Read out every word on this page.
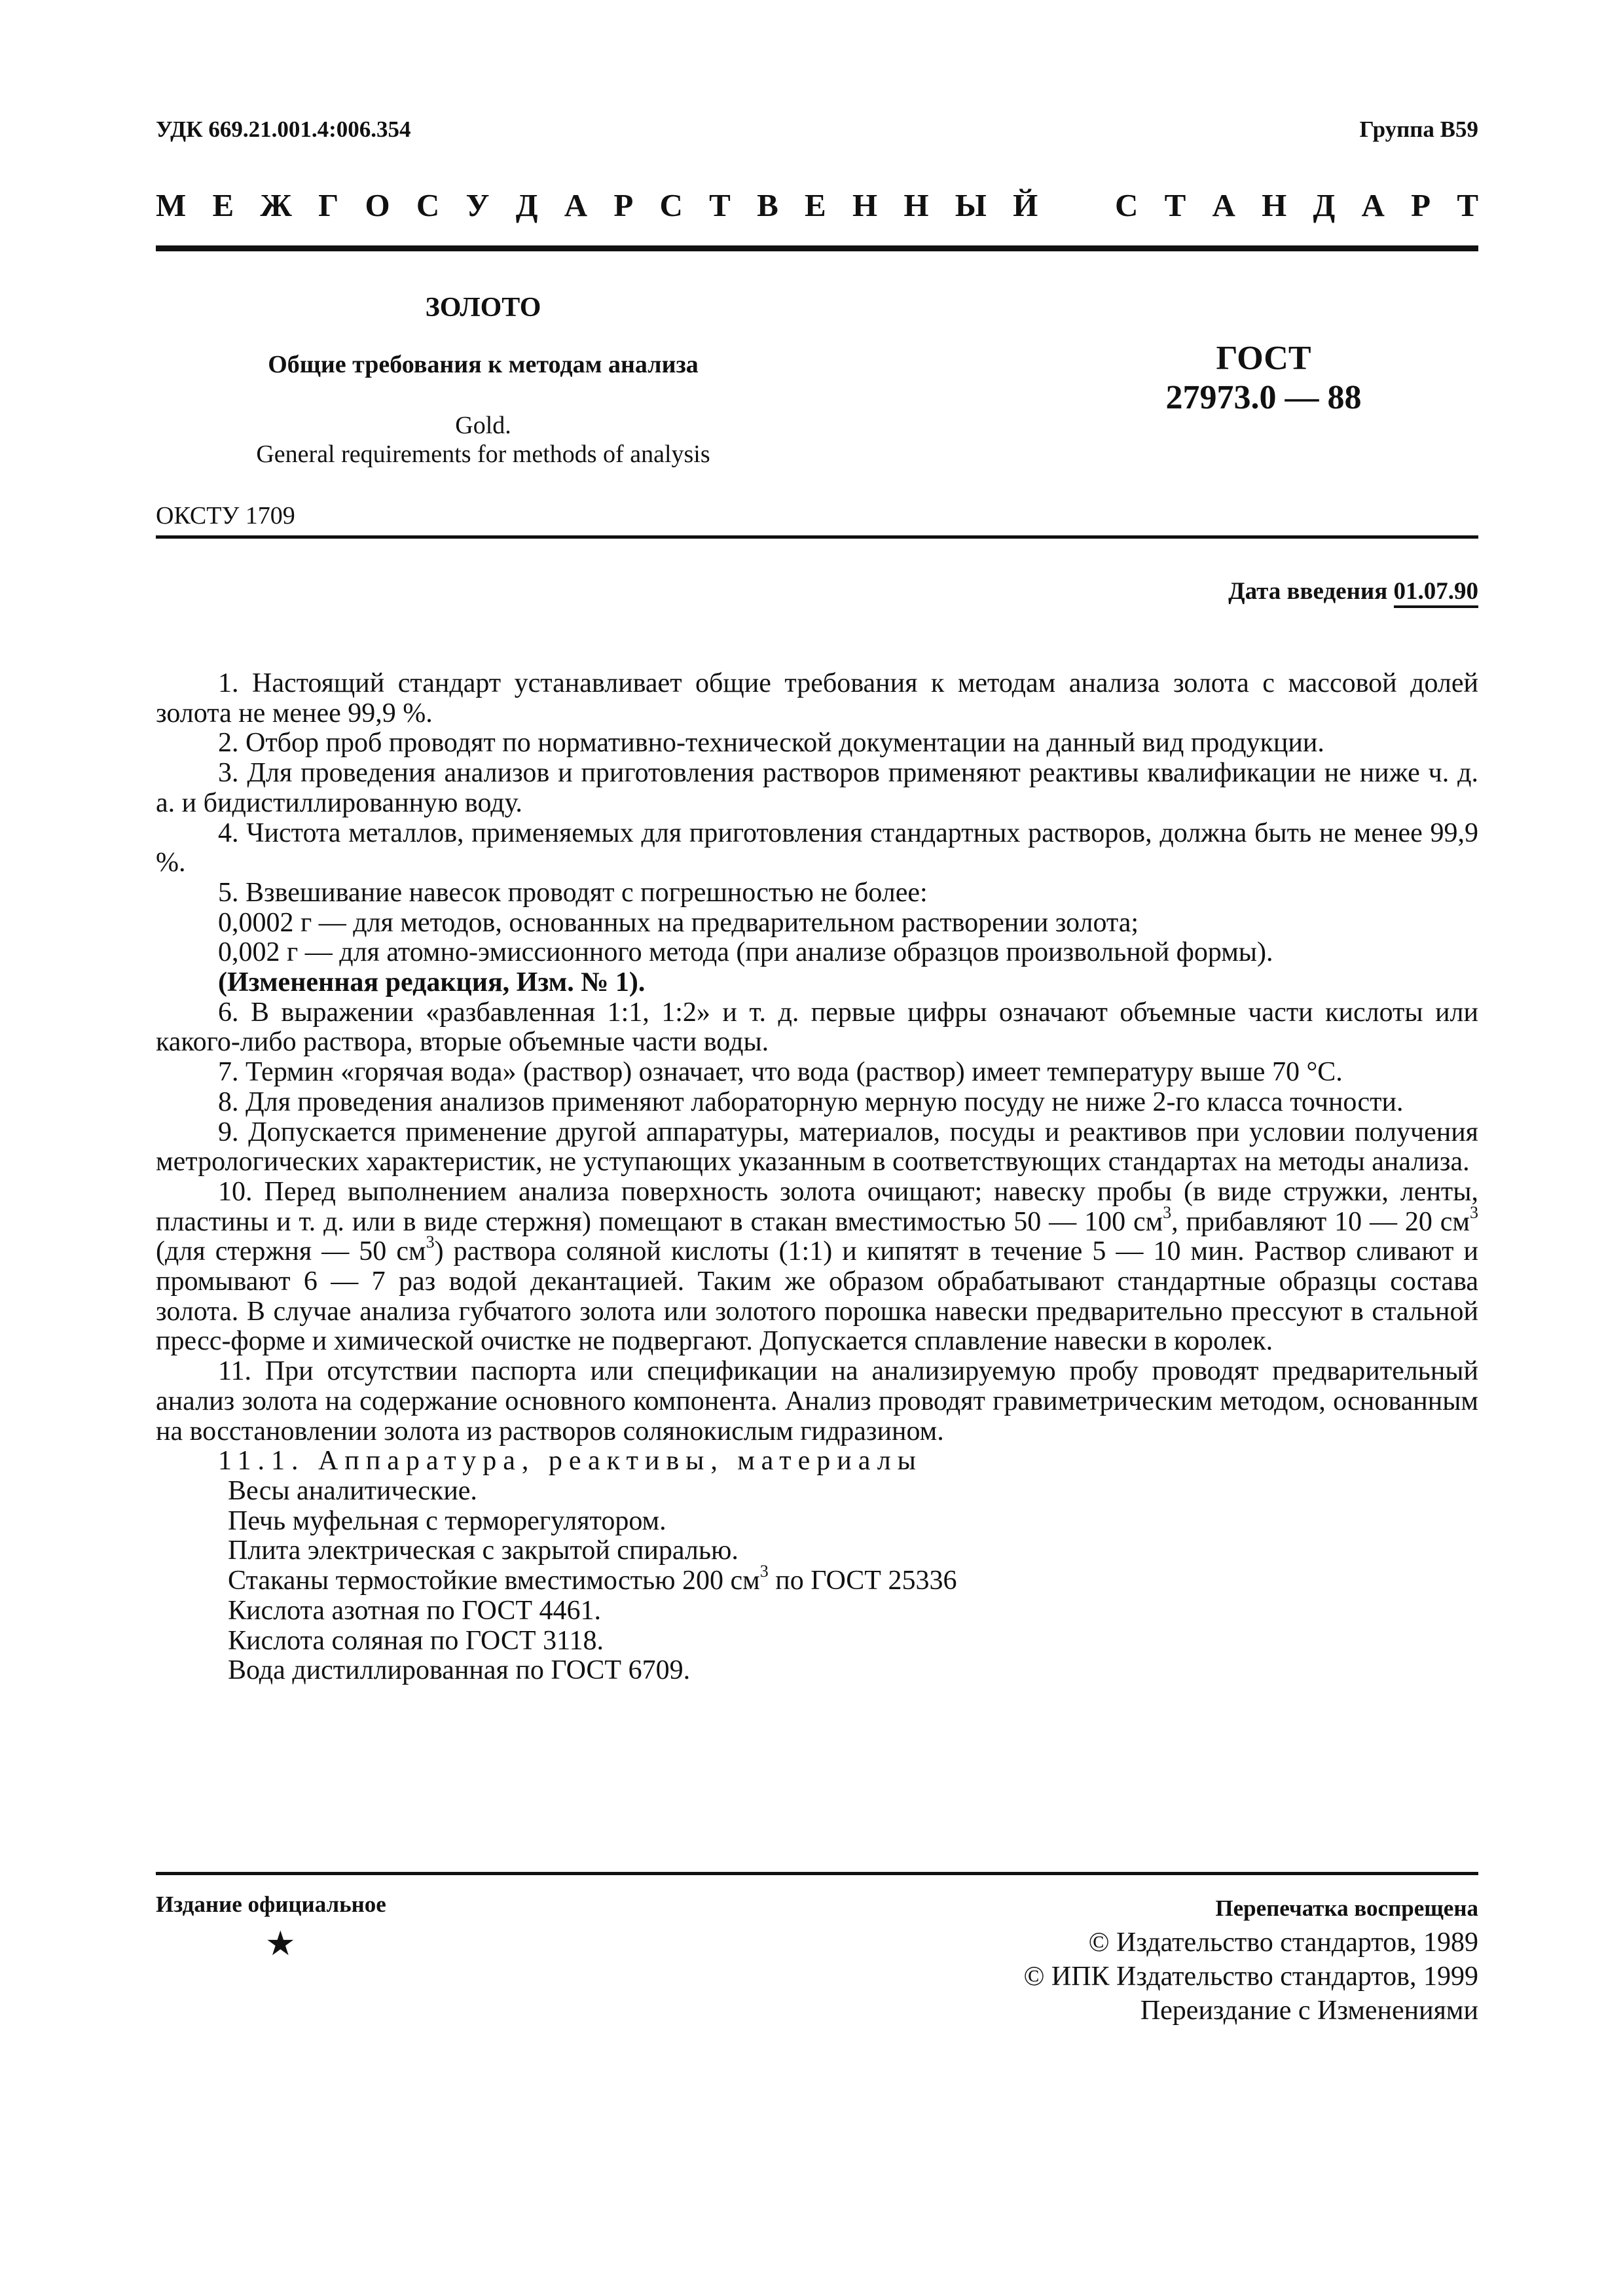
УДК 669.21.001.4:006.354	Группа В59
М Е Ж Г О С У Д А Р С Т В Е Н Н Ы Й С Т А Н Д А Р Т
ЗОЛОТО
Общие требования к методам анализа
Gold.
General requirements for methods of analysis
ГОСТ
27973.0 — 88
ОКСТУ 1709
Дата введения 01.07.90

1. Настоящий стандарт устанавливает общие требования к методам анализа золота с массовой долей золота не менее 99,9 %.

2. Отбор проб проводят по нормативно-технической документации на данный вид продукции.

3. Для проведения анализов и приготовления растворов применяют реактивы квалификации не ниже ч. д. а. и бидистиллированную воду.

4. Чистота металлов, применяемых для приготовления стандартных растворов, должна быть не менее 99,9 %.

5. Взвешивание навесок проводят с погрешностью не более:

0,0002 г — для методов, основанных на предварительном растворении золота;

0,002 г — для атомно-эмиссионного метода (при анализе образцов произвольной формы).

(Измененная редакция, Изм. № 1).

6. В выражении «разбавленная 1:1, 1:2» и т. д. первые цифры означают объемные части кислоты или какого-либо раствора, вторые объемные части воды.

7. Термин «горячая вода» (раствор) означает, что вода (раствор) имеет температуру выше 70 °С.

8. Для проведения анализов применяют лабораторную мерную посуду не ниже 2-го класса точности.

9. Допускается применение другой аппаратуры, материалов, посуды и реактивов при условии получения метрологических характеристик, не уступающих указанным в соответствующих стандартах на методы анализа.

10. Перед выполнением анализа поверхность золота очищают; навеску пробы (в виде стружки, ленты, пластины и т. д. или в виде стержня) помещают в стакан вместимостью 50 — 100 $см^3$, прибавляют 10 — 20 $см^3$ (для стержня — 50 $см^3$) раствора соляной кислоты (1:1) и кипятят в течение 5 — 10 мин. Раствор сливают и промывают 6 — 7 раз водой декантацией. Таким же образом обрабатывают стандартные образцы состава золота. В случае анализа губчатого золота или золотого порошка навески предварительно прессуют в стальной пресс-форме и химической очистке не подвергают. Допускается сплавление навески в королек.

11. При отсутствии паспорта или спецификации на анализируемую пробу проводят предварительный анализ золота на содержание основного компонента. Анализ проводят гравиметрическим методом, основанным на восстановлении золота из растворов солянокислым гидразином.

11.1. Аппаратура, реактивы, материалы

Весы аналитические.

Печь муфельная с терморегулятором.

Плита электрическая с закрытой спиралью.

Стаканы термостойкие вместимостью 200 $см^3$ по ГОСТ 25336

Кислота азотная по ГОСТ 4461.

Кислота соляная по ГОСТ 3118.

Вода дистиллированная по ГОСТ 6709.

Издание официальное
★
Перепечатка воспрещена
© Издательство стандартов, 1989
© ИПК Издательство стандартов, 1999
Переиздание с Изменениями
